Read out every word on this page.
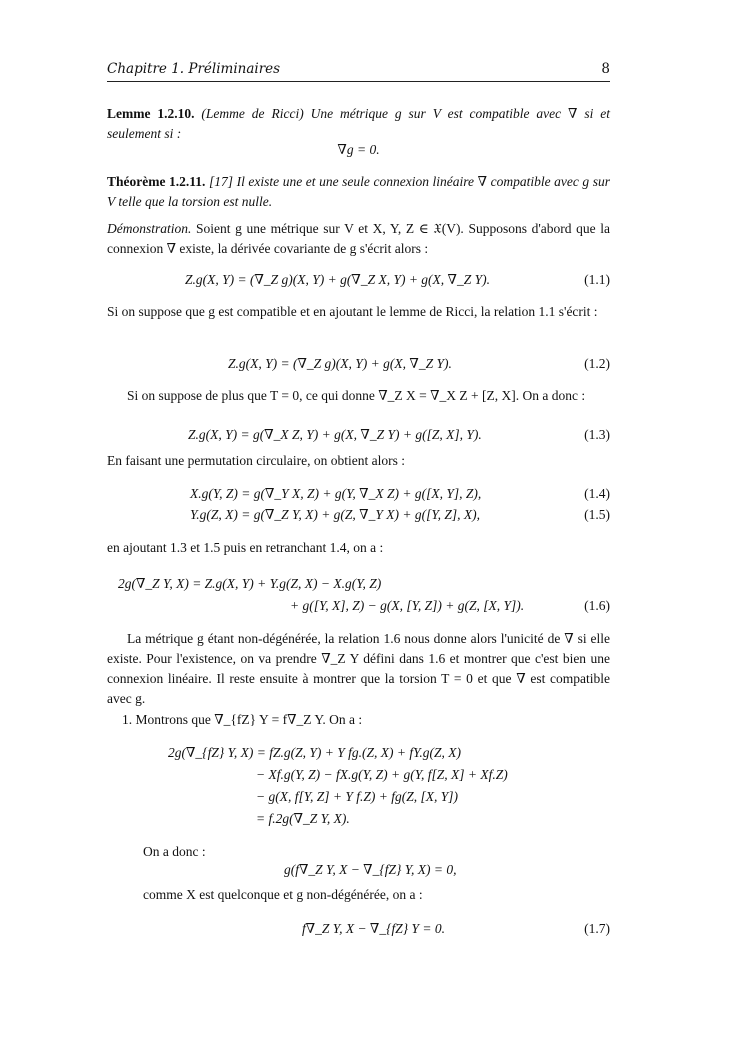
Chapitre 1. Préliminaires	8
Lemme 1.2.10. (Lemme de Ricci) Une métrique g sur V est compatible avec ∇ si et seulement si :
∇g = 0.
Théorème 1.2.11. [17] Il existe une et une seule connexion linéaire ∇ compatible avec g sur V telle que la torsion est nulle.
Démonstration. Soient g une métrique sur V et X, Y, Z ∈ 𝔛(V). Supposons d'abord que la connexion ∇ existe, la dérivée covariante de g s'écrit alors :
Z.g(X, Y) = (∇_Z g)(X, Y) + g(∇_Z X, Y) + g(X, ∇_Z Y).	(1.1)
Si on suppose que g est compatible et en ajoutant le lemme de Ricci, la relation 1.1 s'écrit :
Z.g(X, Y) = (∇_Z g)(X, Y) + g(X, ∇_Z Y).	(1.2)
Si on suppose de plus que T = 0, ce qui donne ∇_Z X = ∇_X Z + [Z, X]. On a donc :
Z.g(X, Y) = g(∇_X Z, Y) + g(X, ∇_Z Y) + g([Z, X], Y).	(1.3)
En faisant une permutation circulaire, on obtient alors :
X.g(Y, Z) = g(∇_Y X, Z) + g(Y, ∇_X Z) + g([X, Y], Z),	(1.4)
Y.g(Z, X) = g(∇_Z Y, X) + g(Z, ∇_Y X) + g([Y, Z], X),	(1.5)
en ajoutant 1.3 et 1.5 puis en retranchant 1.4, on a :
2g(∇_Z Y, X) = Z.g(X, Y) + Y.g(Z, X) − X.g(Y, Z)
+ g([Y, X], Z) − g(X, [Y, Z]) + g(Z, [X, Y]).	(1.6)
La métrique g étant non-dégénérée, la relation 1.6 nous donne alors l'unicité de ∇ si elle existe. Pour l'existence, on va prendre ∇_Z Y défini dans 1.6 et montrer que c'est bien une connexion linéaire. Il reste ensuite à montrer que la torsion T = 0 et que ∇ est compatible avec g.
1. Montrons que ∇_{fZ} Y = f∇_Z Y. On a :
2g(∇_{fZ} Y, X) = fZ.g(Z, Y) + Y fg.(Z, X) + fY.g(Z, X)
− Xf.g(Y, Z) − fX.g(Y, Z) + g(Y, f[Z, X] + Xf.Z)
− g(X, f[Y, Z] + Y f.Z) + fg(Z, [X, Y])
= f.2g(∇_Z Y, X).
On a donc :
g(f∇_Z Y, X − ∇_{fZ} Y, X) = 0,
comme X est quelconque et g non-dégénérée, on a :
f∇_Z Y, X − ∇_{fZ} Y = 0.	(1.7)
